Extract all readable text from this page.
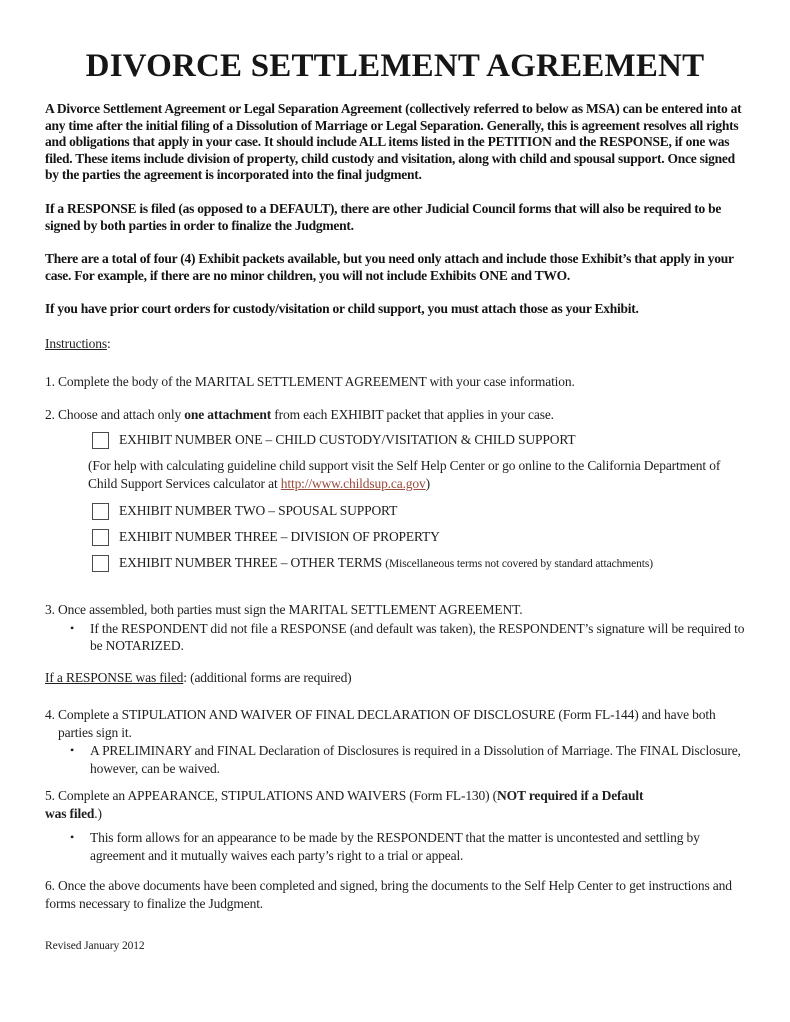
DIVORCE SETTLEMENT AGREEMENT

A Divorce Settlement Agreement or Legal Separation Agreement (collectively referred to below as MSA) can be entered into at any time after the initial filing of a Dissolution of Marriage or Legal Separation. Generally, this is agreement resolves all rights and obligations that apply in your case. It should include ALL items listed in the PETITION and the RESPONSE, if one was filed. These items include division of property, child custody and visitation, along with child and spousal support. Once signed by the parties the agreement is incorporated into the final judgment.

If a RESPONSE is filed (as opposed to a DEFAULT), there are other Judicial Council forms that will also be required to be signed by both parties in order to finalize the Judgment.

There are a total of four (4) Exhibit packets available, but you need only attach and include those Exhibit’s that apply in your case. For example, if there are no minor children, you will not include Exhibits ONE and TWO.

If you have prior court orders for custody/visitation or child support, you must attach those as your Exhibit.

Instructions:

1. Complete the body of the MARITAL SETTLEMENT AGREEMENT with your case information.
2. Choose and attach only one attachment from each EXHIBIT packet that applies in your case.
EXHIBIT NUMBER ONE – CHILD CUSTODY/VISITATION & CHILD SUPPORT
(For help with calculating guideline child support visit the Self Help Center or go online to the California Department of Child Support Services calculator at http://www.childsup.ca.gov)
EXHIBIT NUMBER TWO – SPOUSAL SUPPORT
EXHIBIT NUMBER THREE – DIVISION OF PROPERTY
EXHIBIT NUMBER THREE – OTHER TERMS (Miscellaneous terms not covered by standard attachments)
3. Once assembled, both parties must sign the MARITAL SETTLEMENT AGREEMENT.
•	If the RESPONDENT did not file a RESPONSE (and default was taken), the RESPONDENT’s signature will be required to be NOTARIZED.

If a RESPONSE was filed: (additional forms are required)

4. Complete a STIPULATION AND WAIVER OF FINAL DECLARATION OF DISCLOSURE (Form FL-144) and have both parties sign it.
•	A PRELIMINARY and FINAL Declaration of Disclosures is required in a Dissolution of Marriage. The FINAL Disclosure, however, can be waived.

5. Complete an APPEARANCE, STIPULATIONS AND WAIVERS (Form FL-130) (NOT required if a Default
was filed.)

•	This form allows for an appearance to be made by the RESPONDENT that the matter is uncontested and settling by agreement and it mutually waives each party’s right to a trial or appeal.

6. Once the above documents have been completed and signed, bring the documents to the Self Help Center to get instructions and forms necessary to finalize the Judgment.

Revised January 2012
